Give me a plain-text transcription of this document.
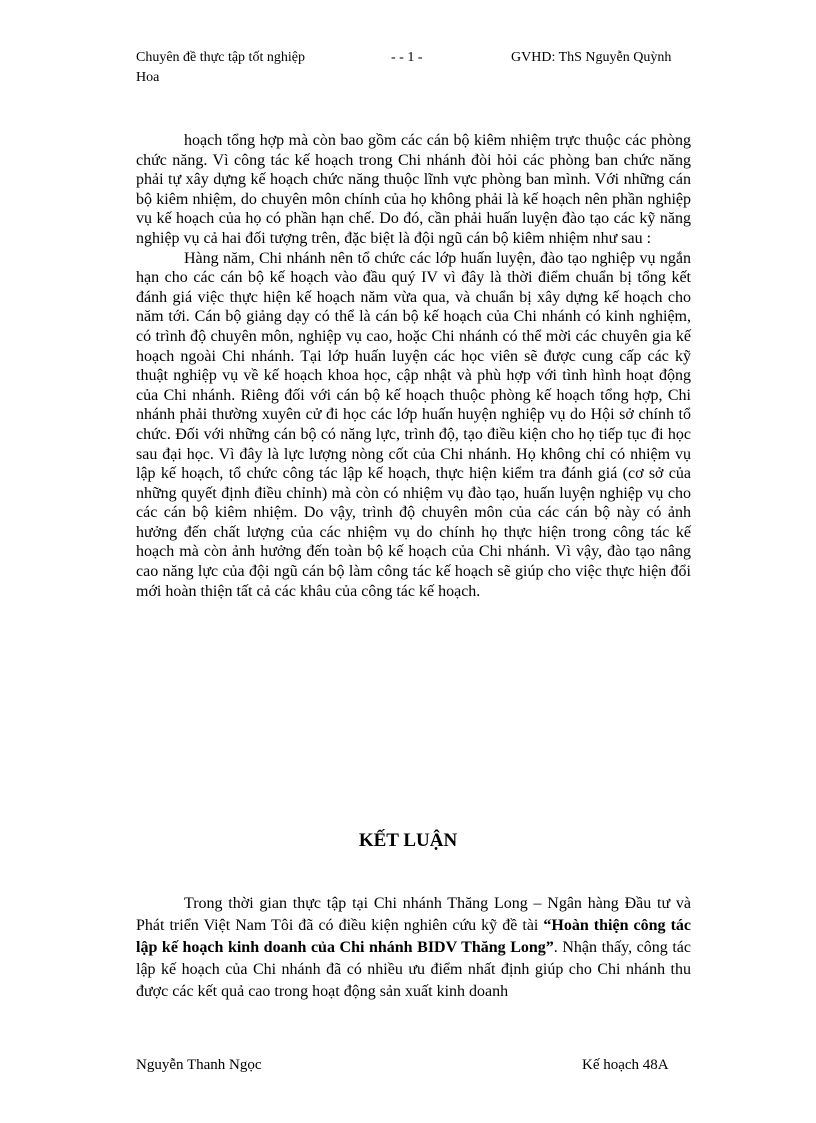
Chuyên đề thực tập tốt nghiệp	- - 1 -	GVHD: ThS Nguyễn Quỳnh
Hoa

hoạch tổng hợp mà còn bao gồm các cán bộ kiêm nhiệm trực thuộc các phòng chức năng. Vì công tác kế hoạch trong Chi nhánh đòi hỏi các phòng ban chức năng phải tự xây dựng kế hoạch chức năng thuộc lĩnh vực phòng ban mình. Với những cán bộ kiêm nhiệm, do chuyên môn chính của họ không phải là kế hoạch nên phần nghiệp vụ kế hoạch của họ có phần hạn chế. Do đó, cần phải huấn luyện đào tạo các kỹ năng nghiệp vụ cả hai đối tượng trên, đặc biệt là đội ngũ cán bộ kiêm nhiệm như sau :

Hàng năm, Chi nhánh nên tổ chức các lớp huấn luyện, đào tạo nghiệp vụ ngắn hạn cho các cán bộ kế hoạch vào đầu quý IV vì đây là thời điểm chuẩn bị tổng kết đánh giá việc thực hiện kế hoạch năm vừa qua, và chuẩn bị xây dựng kế hoạch cho năm tới. Cán bộ giảng dạy có thể là cán bộ kế hoạch của Chi nhánh có kinh nghiệm, có trình độ chuyên môn, nghiệp vụ cao, hoặc Chi nhánh có thể mời các chuyên gia kế hoạch ngoài Chi nhánh. Tại lớp huấn luyện các học viên sẽ được cung cấp các kỹ thuật nghiệp vụ về kế hoạch khoa học, cập nhật và phù hợp với tình hình hoạt động của Chi nhánh. Riêng đối với cán bộ kế hoạch thuộc phòng kế hoạch tổng hợp, Chi nhánh phải thường xuyên cử đi học các lớp huấn huyện nghiệp vụ do Hội sở chính tổ chức. Đối với những cán bộ có năng lực, trình độ, tạo điều kiện cho họ tiếp tục đi học sau đại học. Vì đây là lực lượng nòng cốt của Chi nhánh. Họ không chỉ có nhiệm vụ lập kế hoạch, tổ chức công tác lập kế hoạch, thực hiện kiểm tra đánh giá (cơ sở của những quyết định điều chỉnh) mà còn có nhiệm vụ đào tạo, huấn luyện nghiệp vụ cho các cán bộ kiêm nhiệm. Do vậy, trình độ chuyên môn của các cán bộ này có ảnh hưởng đến chất lượng của các nhiệm vụ do chính họ thực hiện trong công tác kế hoạch mà còn ảnh hưởng đến toàn bộ kế hoạch của Chi nhánh. Vì vậy, đào tạo nâng cao năng lực của đội ngũ cán bộ làm công tác kế hoạch sẽ giúp cho việc thực hiện đổi mới hoàn thiện tất cả các khâu của công tác kế hoạch.

KẾT LUẬN

Trong thời gian thực tập tại Chi nhánh Thăng Long – Ngân hàng Đầu tư và Phát triển Việt Nam Tôi đã có điều kiện nghiên cứu kỹ đề tài “Hoàn thiện công tác lập kế hoạch kinh doanh của Chi nhánh BIDV Thăng Long”. Nhận thấy, công tác lập kế hoạch của Chi nhánh đã có nhiều ưu điểm nhất định giúp cho Chi nhánh thu được các kết quả cao trong hoạt động sản xuất kinh doanh

Nguyễn Thanh Ngọc	Kế hoạch 48A
